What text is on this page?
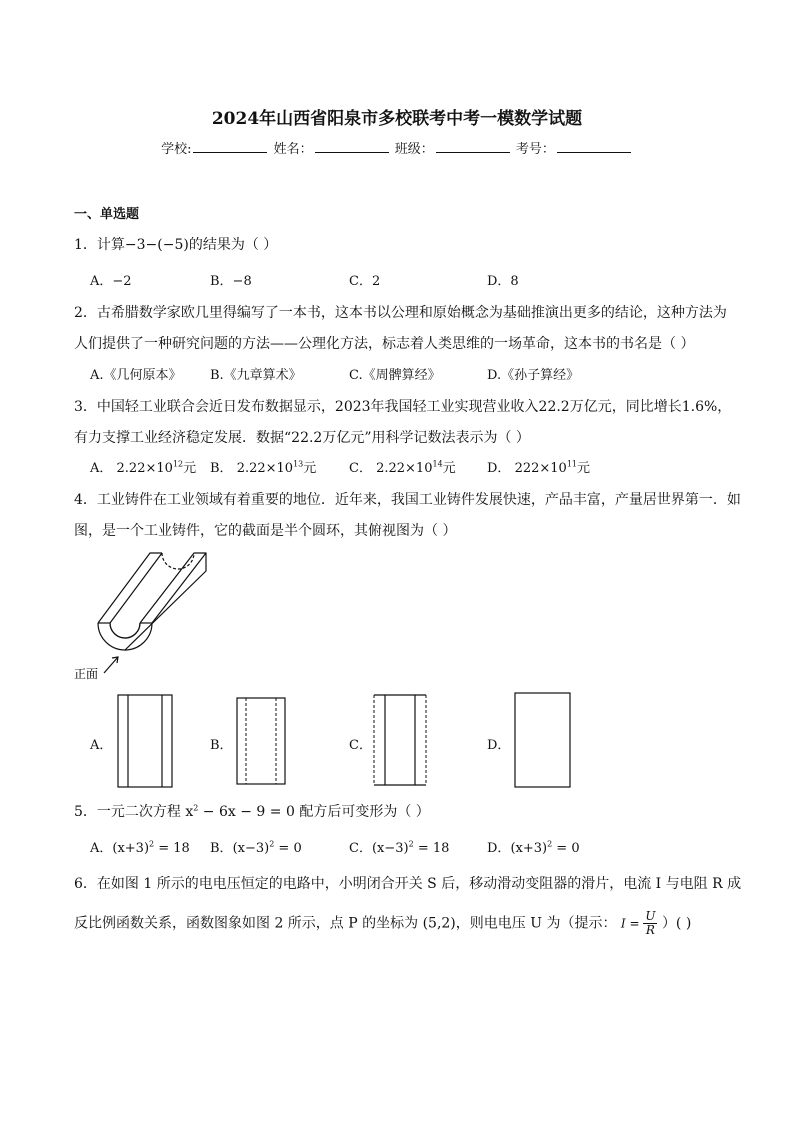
2024年山西省阳泉市多校联考中考一模数学试题
学校:	姓名：	班级：	考号：
一、单选题
1．计算−3−(−5)的结果为（ ）
A．−2	B．−8	C．2	D．8
2．古希腊数学家欧几里得编写了一本书，这本书以公理和原始概念为基础推演出更多的结论，这种方法为
人们提供了一种研究问题的方法——公理化方法，标志着人类思维的一场革命，这本书的书名是（ ）
A.《几何原本》 B.《九章算术》	C.《周髀算经》	D.《孙子算经》
3．中国轻工业联合会近日发布数据显示，2023年我国轻工业实现营业收入22.2万亿元，同比增长1.6%，
有力支撑工业经济稳定发展．数据“22.2万亿元”用科学记数法表示为（ ）
A． $2.22\times 10^{12}$元 B． $2.22\times 10^{13}$元	C． $2.22\times 10^{14}$元 D． $222\times 10^{11}$元
4．工业铸件在工业领域有着重要的地位．近年来，我国工业铸件发展快速，产品丰富，产量居世界第一．如
图，是一个工业铸件，它的截面是半个圆环，其俯视图为（ ）
正面
A．	B．	C．	D．
5．一元二次方程 $x^2 - 6x - 9 = 0$ 配方后可变形为（ ）
A．$(x+3)^2 = 18$ B．$(x-3)^2 = 0$	C．$(x-3)^2 = 18$	D．$(x+3)^2 = 0$
6．在如图 1 所示的电电压恒定的电路中，小明闭合开关 S 后，移动滑动变阻器的滑片，电流 I 与电阻 R 成
反比例函数关系，函数图象如图 2 所示，点 P 的坐标为 (5,2)，则电电压 U 为（提示： $I = \frac{U}{R}$ ）( )
